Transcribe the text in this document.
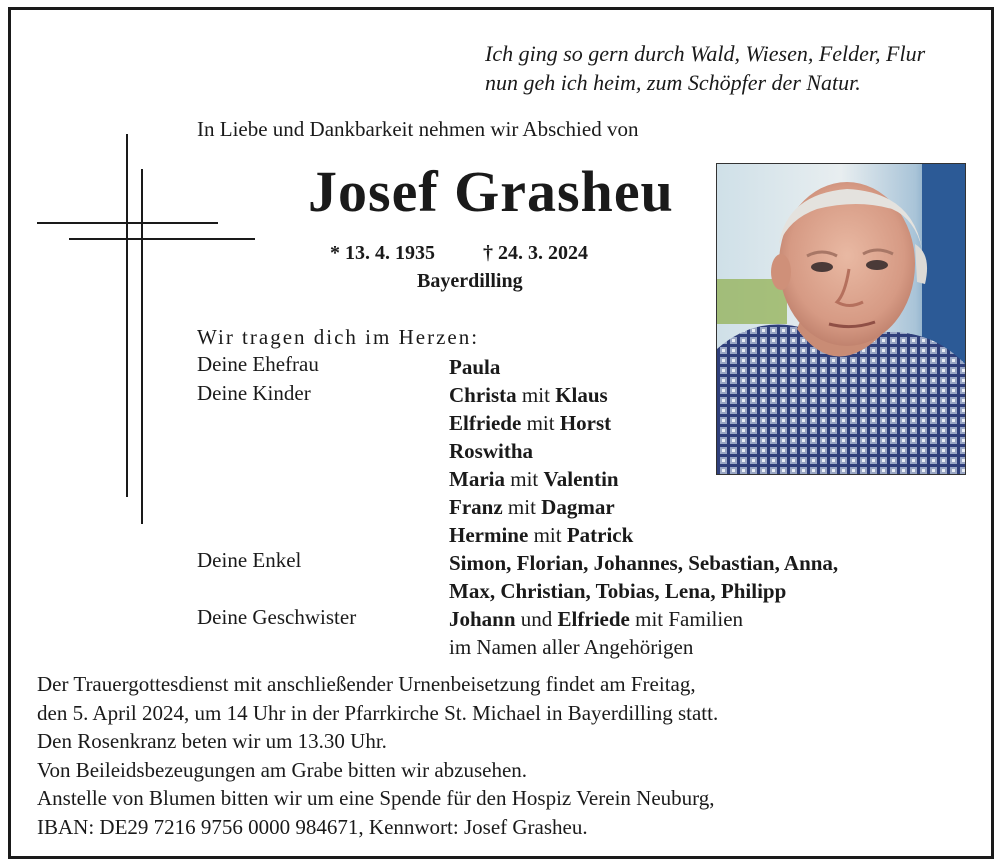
Ich ging so gern durch Wald, Wiesen, Felder, Flur
nun geh ich heim, zum Schöpfer der Natur.
In Liebe und Dankbarkeit nehmen wir Abschied von
Josef Grasheu
* 13. 4. 1935 † 24. 3. 2024
Bayerdilling
Wir tragen dich im Herzen:
Deine Ehefrau	Paula
Deine Kinder	Christa mit Klaus
Elfriede mit Horst
Roswitha
Maria mit Valentin
Franz mit Dagmar
Hermine mit Patrick
Deine Enkel	Simon, Florian, Johannes, Sebastian, Anna,
Max, Christian, Tobias, Lena, Philipp
Deine Geschwister	Johann und Elfriede mit Familien
im Namen aller Angehörigen
Der Trauergottesdienst mit anschließender Urnenbeisetzung findet am Freitag,
den 5. April 2024, um 14 Uhr in der Pfarrkirche St. Michael in Bayerdilling statt.
Den Rosenkranz beten wir um 13.30 Uhr.
Von Beileidsbezeugungen am Grabe bitten wir abzusehen.
Anstelle von Blumen bitten wir um eine Spende für den Hospiz Verein Neuburg,
IBAN: DE29 7216 9756 0000 984671, Kennwort: Josef Grasheu.
